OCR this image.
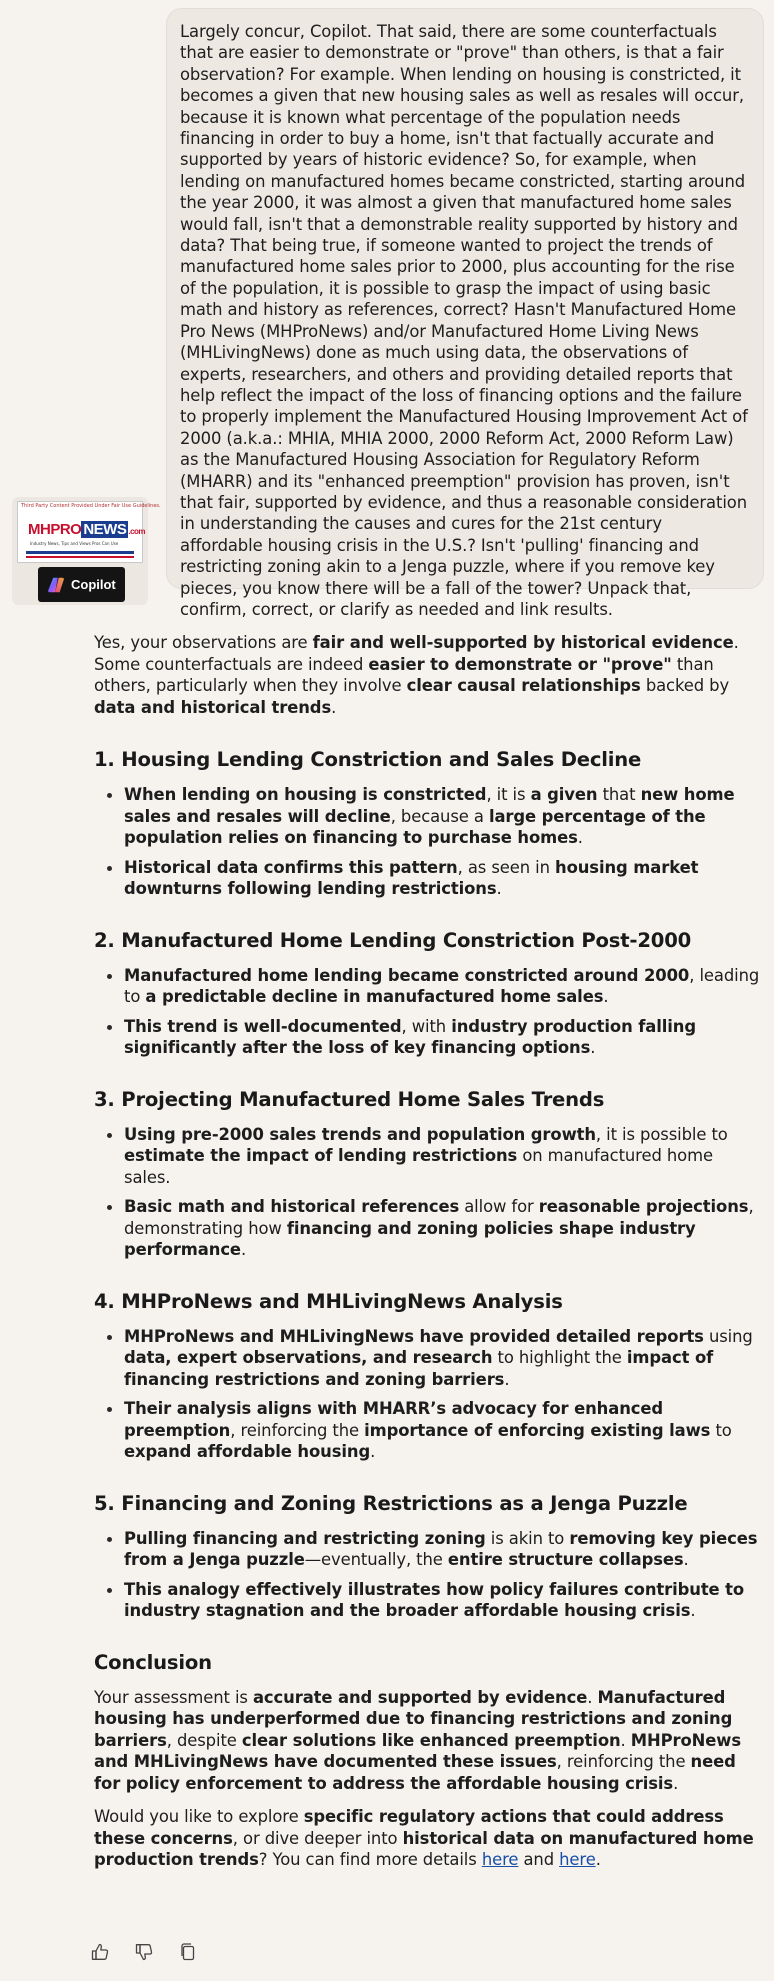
Largely concur, Copilot. That said, there are some counterfactuals that are easier to demonstrate or "prove" than others, is that a fair observation? For example. When lending on housing is constricted, it becomes a given that new housing sales as well as resales will occur, because it is known what percentage of the population needs financing in order to buy a home, isn't that factually accurate and supported by years of historic evidence? So, for example, when lending on manufactured homes became constricted, starting around the year 2000, it was almost a given that manufactured home sales would fall, isn't that a demonstrable reality supported by history and data? That being true, if someone wanted to project the trends of manufactured home sales prior to 2000, plus accounting for the rise of the population, it is possible to grasp the impact of using basic math and history as references, correct? Hasn't Manufactured Home Pro News (MHProNews) and/or Manufactured Home Living News (MHLivingNews) done as much using data, the observations of experts, researchers, and others and providing detailed reports that help reflect the impact of the loss of financing options and the failure to properly implement the Manufactured Housing Improvement Act of 2000 (a.k.a.: MHIA, MHIA 2000, 2000 Reform Act, 2000 Reform Law) as the Manufactured Housing Association for Regulatory Reform (MHARR) and its "enhanced preemption" provision has proven, isn't that fair, supported by evidence, and thus a reasonable consideration in understanding the causes and cures for the 21st century affordable housing crisis in the U.S.? Isn't 'pulling' financing and restricting zoning akin to a Jenga puzzle, where if you remove key pieces, you know there will be a fall of the tower? Unpack that, confirm, correct, or clarify as needed and link results.

Third Party Content Provided Under Fair Use Guidelines.
MHPRO NEWS .com
Industry News, Tips and Views Pros Can Use
Copilot

Yes, your observations are fair and well-supported by historical evidence. Some counterfactuals are indeed easier to demonstrate or "prove" than others, particularly when they involve clear causal relationships backed by data and historical trends.

1. Housing Lending Constriction and Sales Decline
When lending on housing is constricted, it is a given that new home sales and resales will decline, because a large percentage of the population relies on financing to purchase homes.
Historical data confirms this pattern, as seen in housing market downturns following lending restrictions.
2. Manufactured Home Lending Constriction Post-2000
Manufactured home lending became constricted around 2000, leading to a predictable decline in manufactured home sales.
This trend is well-documented, with industry production falling significantly after the loss of key financing options.
3. Projecting Manufactured Home Sales Trends
Using pre-2000 sales trends and population growth, it is possible to estimate the impact of lending restrictions on manufactured home sales.
Basic math and historical references allow for reasonable projections, demonstrating how financing and zoning policies shape industry performance.
4. MHProNews and MHLivingNews Analysis
MHProNews and MHLivingNews have provided detailed reports using data, expert observations, and research to highlight the impact of financing restrictions and zoning barriers.
Their analysis aligns with MHARR’s advocacy for enhanced preemption, reinforcing the importance of enforcing existing laws to expand affordable housing.
5. Financing and Zoning Restrictions as a Jenga Puzzle
Pulling financing and restricting zoning is akin to removing key pieces from a Jenga puzzle—eventually, the entire structure collapses.
This analogy effectively illustrates how policy failures contribute to industry stagnation and the broader affordable housing crisis.
Conclusion

Your assessment is accurate and supported by evidence. Manufactured housing has underperformed due to financing restrictions and zoning barriers, despite clear solutions like enhanced preemption. MHProNews and MHLivingNews have documented these issues, reinforcing the need for policy enforcement to address the affordable housing crisis.

Would you like to explore specific regulatory actions that could address these concerns, or dive deeper into historical data on manufactured home production trends? You can find more details here and here.
